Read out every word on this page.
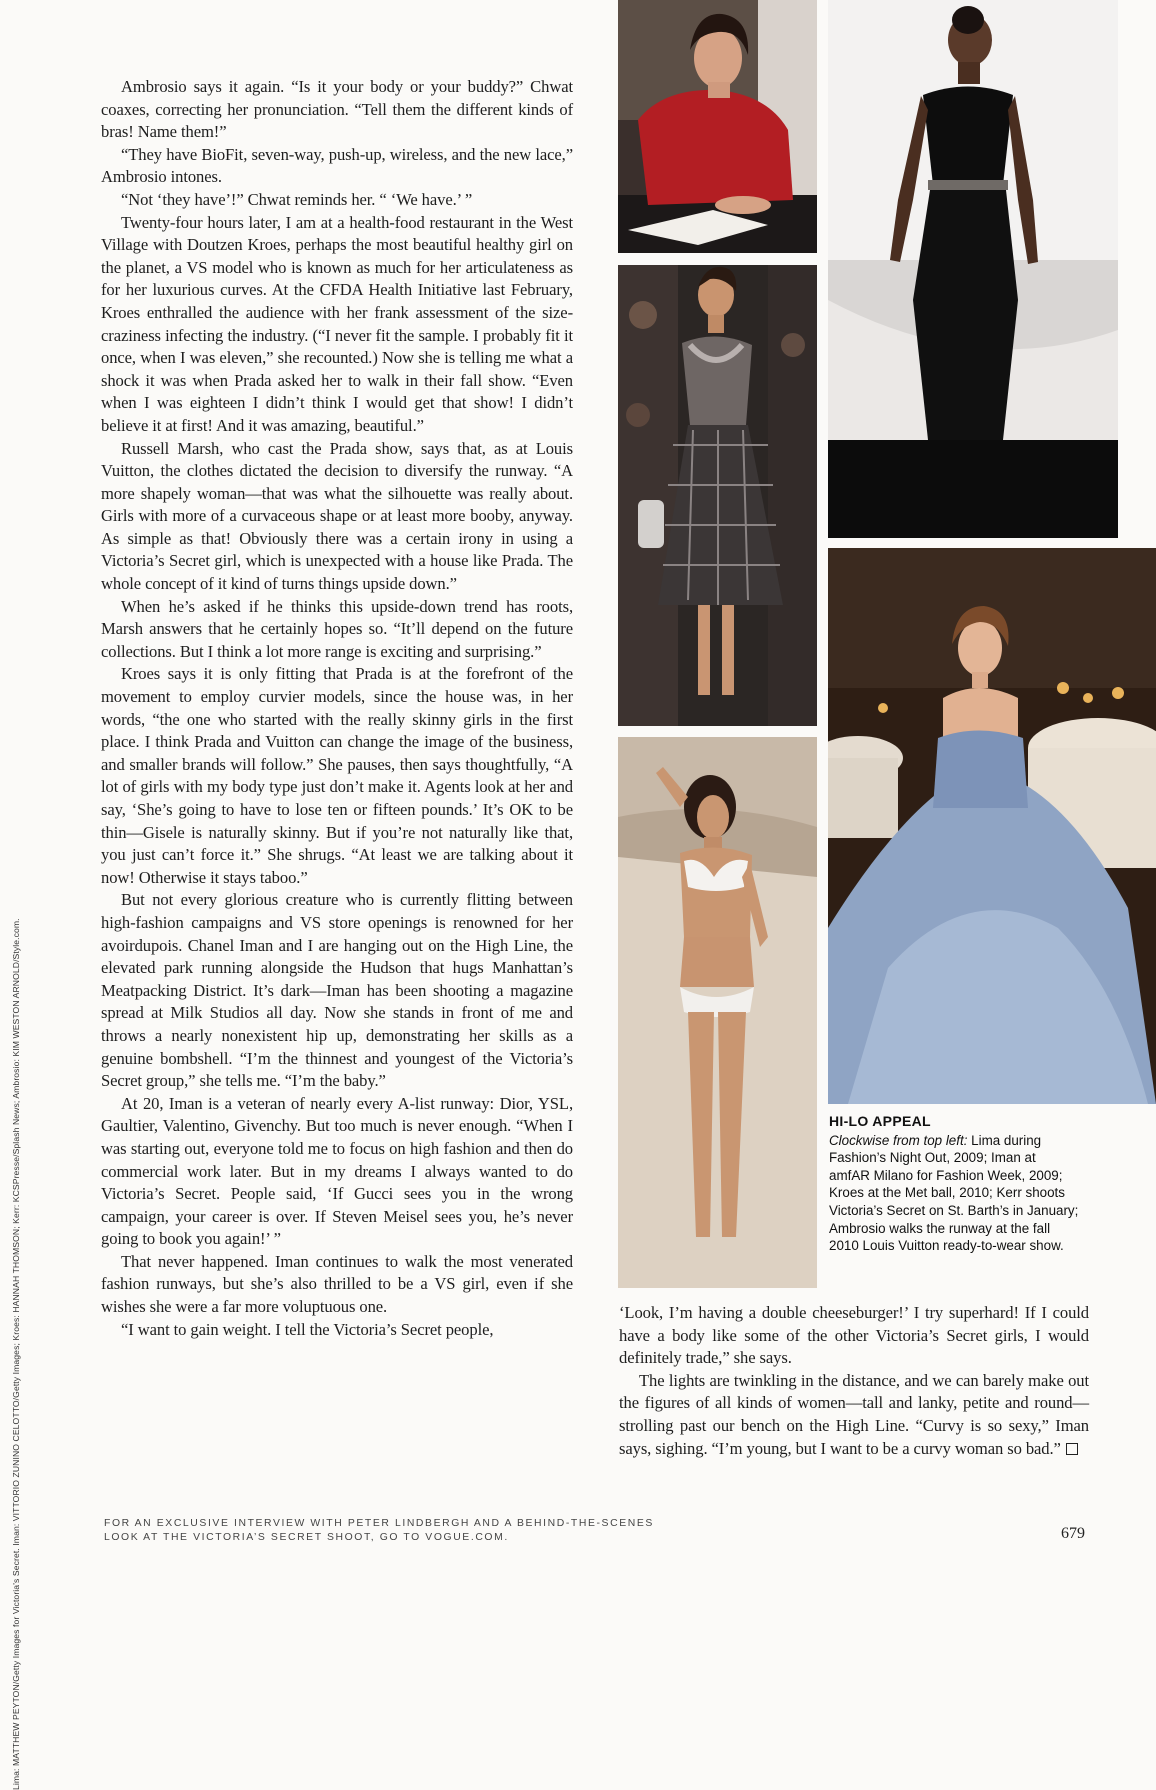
Ambrosio says it again. “Is it your body or your buddy?” Chwat coaxes, correcting her pronunciation. “Tell them the different kinds of bras! Name them!”

“They have BioFit, seven-way, push-up, wireless, and the new lace,” Ambrosio intones.

“Not ‘they have’!” Chwat reminds her. “ ‘We have.’ ”

Twenty-four hours later, I am at a health-food restaurant in the West Village with Doutzen Kroes, perhaps the most beautiful healthy girl on the planet, a VS model who is known as much for her articulateness as for her luxurious curves. At the CFDA Health Initiative last February, Kroes enthralled the audience with her frank assessment of the size-craziness infecting the industry. (“I never fit the sample. I probably fit it once, when I was eleven,” she recounted.) Now she is telling me what a shock it was when Prada asked her to walk in their fall show. “Even when I was eighteen I didn’t think I would get that show! I didn’t believe it at first! And it was amazing, beautiful.”

Russell Marsh, who cast the Prada show, says that, as at Louis Vuitton, the clothes dictated the decision to diversify the runway. “A more shapely woman—that was what the silhouette was really about. Girls with more of a curvaceous shape or at least more booby, anyway. As simple as that! Obviously there was a certain irony in using a Victoria’s Secret girl, which is unexpected with a house like Prada. The whole concept of it kind of turns things upside down.”

When he’s asked if he thinks this upside-down trend has roots, Marsh answers that he certainly hopes so. “It’ll depend on the future collections. But I think a lot more range is exciting and surprising.”

Kroes says it is only fitting that Prada is at the forefront of the movement to employ curvier models, since the house was, in her words, “the one who started with the really skinny girls in the first place. I think Prada and Vuitton can change the image of the business, and smaller brands will follow.” She pauses, then says thoughtfully, “A lot of girls with my body type just don’t make it. Agents look at her and say, ‘She’s going to have to lose ten or fifteen pounds.’ It’s OK to be thin—Gisele is naturally skinny. But if you’re not naturally like that, you just can’t force it.” She shrugs. “At least we are talking about it now! Otherwise it stays taboo.”

But not every glorious creature who is currently flitting between high-fashion campaigns and VS store openings is renowned for her avoirdupois. Chanel Iman and I are hanging out on the High Line, the elevated park running alongside the Hudson that hugs Manhattan’s Meatpacking District. It’s dark—Iman has been shooting a magazine spread at Milk Studios all day. Now she stands in front of me and throws a nearly nonexistent hip up, demonstrating her skills as a genuine bombshell. “I’m the thinnest and youngest of the Victoria’s Secret group,” she tells me. “I’m the baby.”

At 20, Iman is a veteran of nearly every A-list runway: Dior, YSL, Gaultier, Valentino, Givenchy. But too much is never enough. “When I was starting out, everyone told me to focus on high fashion and then do commercial work later. But in my dreams I always wanted to do Victoria’s Secret. People said, ‘If Gucci sees you in the wrong campaign, your career is over. If Steven Meisel sees you, he’s never going to book you again!’ ”

That never happened. Iman continues to walk the most venerated fashion runways, but she’s also thrilled to be a VS girl, even if she wishes she were a far more voluptuous one.

“I want to gain weight. I tell the Victoria’s Secret people,

‘Look, I’m having a double cheeseburger!’ I try superhard! If I could have a body like some of the other Victoria’s Secret girls, I would definitely trade,” she says.

The lights are twinkling in the distance, and we can barely make out the figures of all kinds of women—tall and lanky, petite and round—strolling past our bench on the High Line. “Curvy is so sexy,” Iman says, sighing. “I’m young, but I want to be a curvy woman so bad.”

Lima: MATTHEW PEYTON/Getty Images for Victoria’s Secret. Iman: VITTORIO ZUNINO CELOTTO/Getty Images; Kroes: HANNAH THOMSON; Kerr: KCSPresse/Splash News; Ambrosio: KIM WESTON ARNOLD/Style.com.	HI-LO APPEAL
Clockwise from top left: Lima during Fashion’s Night Out, 2009; Iman at amfAR Milano for Fashion Week, 2009; Kroes at the Met ball, 2010; Kerr shoots Victoria’s Secret on St. Barth’s in January; Ambrosio walks the runway at the fall 2010 Louis Vuitton ready-to-wear show.
FOR AN EXCLUSIVE INTERVIEW WITH PETER LINDBERGH AND A BEHIND-THE-SCENES
LOOK AT THE VICTORIA’S SECRET SHOOT, GO TO VOGUE.COM.	679
